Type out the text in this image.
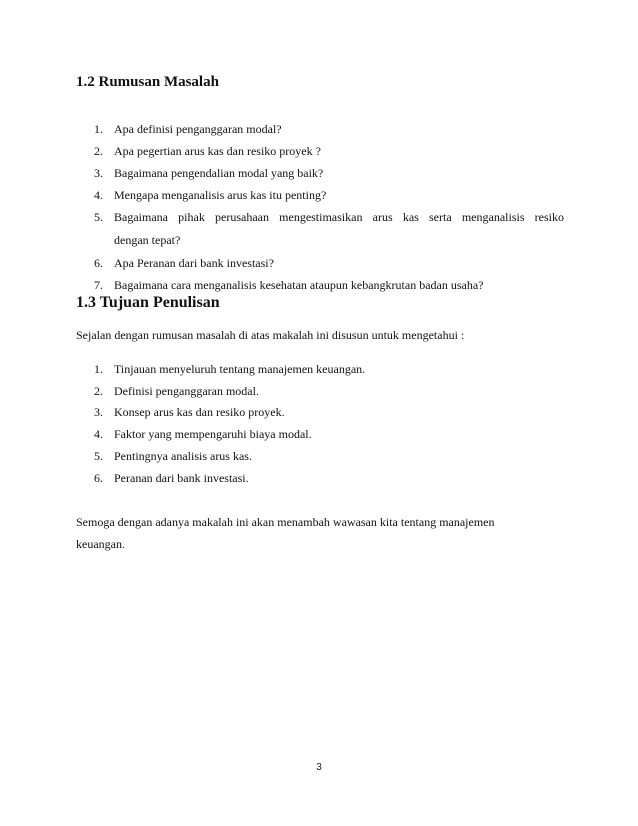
1.2 Rumusan Masalah
1. Apa definisi penganggaran modal?
2. Apa pegertian arus kas dan resiko proyek ?
3. Bagaimana pengendalian modal yang baik?
4. Mengapa menganalisis arus kas itu penting?
5. Bagaimana pihak perusahaan mengestimasikan arus kas serta menganalisis resiko
dengan tepat?
6. Apa Peranan dari bank investasi?
7. Bagaimana cara menganalisis kesehatan ataupun kebangkrutan badan usaha?
1.3 Tujuan Penulisan

Sejalan dengan rumusan masalah di atas makalah ini disusun untuk mengetahui :

1. Tinjauan menyeluruh tentang manajemen keuangan.
2. Definisi penganggaran modal.
3. Konsep arus kas dan resiko proyek.
4. Faktor yang mempengaruhi biaya modal.
5. Pentingnya analisis arus kas.
6. Peranan dari bank investasi.

Semoga dengan adanya makalah ini akan menambah wawasan kita tentang manajemen

keuangan.

3
